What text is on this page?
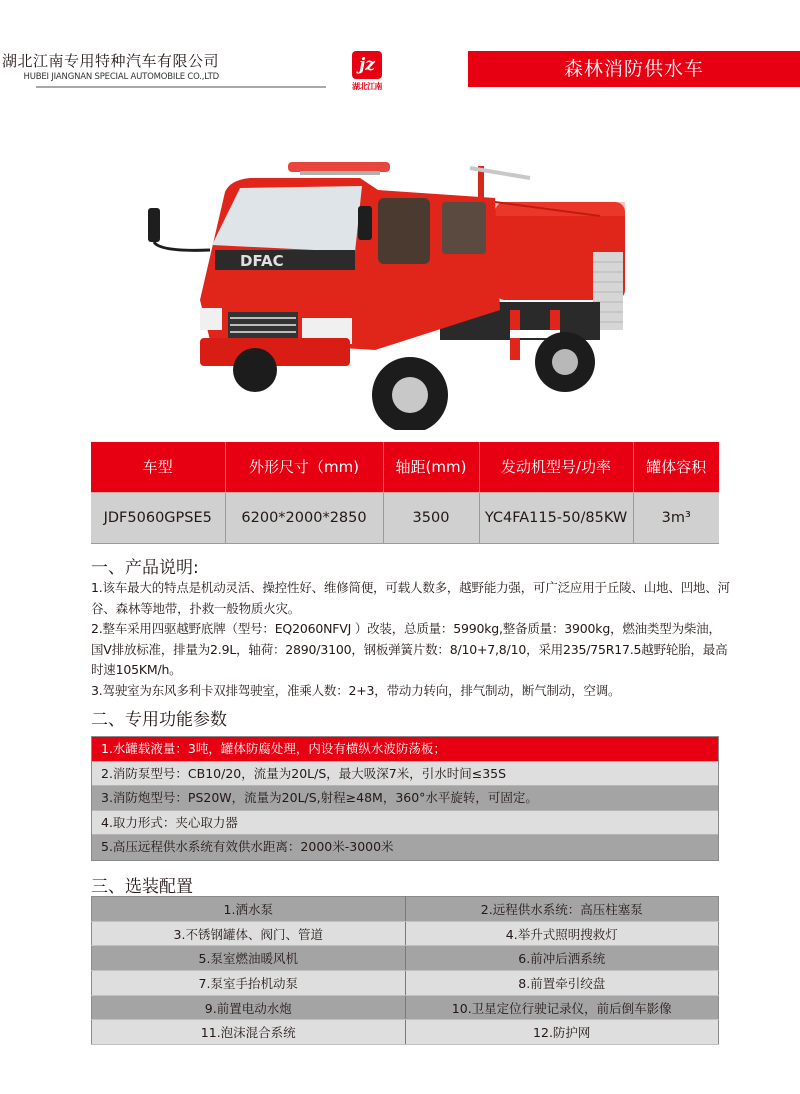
湖北江南专用特种汽车有限公司
HUBEI JIANGNAN SPECIAL AUTOMOBILE CO.,LTD
jz
湖北江南
森林消防供水车
DFAC
车型	外形尺寸（mm)	轴距(mm)	发动机型号/功率	罐体容积
JDF5060GPSE5	6200*2000*2850	3500	YC4FA115-50/85KW	3m³
一、产品说明:

1.该车最大的特点是机动灵活、操控性好、维修简便，可载人数多，越野能力强，可广泛应用于丘陵、山地、凹地、河谷、森林等地带，扑救一般物质火灾。

2.整车采用四驱越野底牌（型号：EQ2060NFVJ ）改装，总质量：5990kg,整备质量：3900kg，燃油类型为柴油，国V排放标准，排量为2.9L，轴荷：2890/3100，钢板弹簧片数：8/10+7,8/10，采用235/75R17.5越野轮胎，最高时速105KM/h。

3.驾驶室为东风多利卡双排驾驶室，准乘人数：2+3，带动力转向，排气制动，断气制动，空调。

二、专用功能参数
1.水罐载液量：3吨，罐体防腐处理，内设有横纵水波防荡板；
2.消防泵型号：CB10/20，流量为20L/S，最大吸深7米，引水时间≤35S
3.消防炮型号：PS20W，流量为20L/S,射程≥48M，360°水平旋转，可固定。
4.取力形式：夹心取力器
5.高压远程供水系统有效供水距离：2000米-3000米
三、选装配置
1.洒水泵	2.远程供水系统：高压柱塞泵
3.不锈钢罐体、阀门、管道	4.举升式照明搜救灯
5.泵室燃油暖风机	6.前冲后洒系统
7.泵室手抬机动泵	8.前置牵引绞盘
9.前置电动水炮	10.卫星定位行驶记录仪，前后倒车影像
11.泡沫混合系统	12.防护网
